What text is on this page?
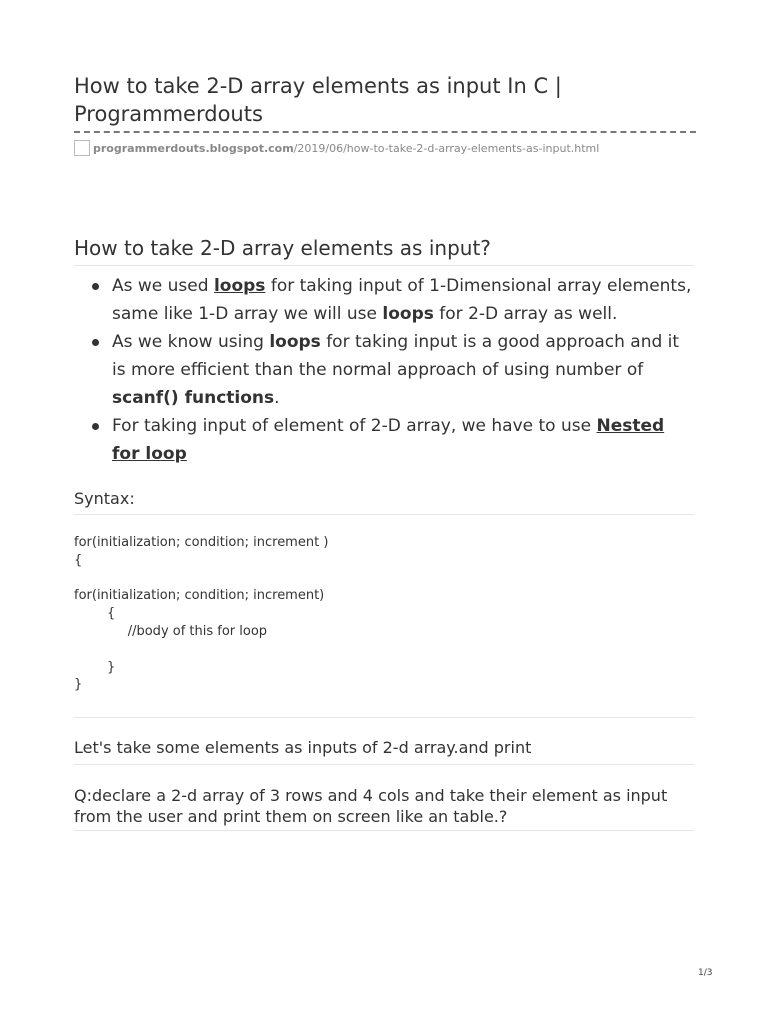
How to take 2-D array elements as input In C | Programmerdouts
programmerdouts.blogspot.com /2019/06/how-to-take-2-d-array-elements-as-input.html
How to take 2-D array elements as input?
As we used loops for taking input of 1-Dimensional array elements, same like 1-D array we will use loops for 2-D array as well.
As we know using loops for taking input is a good approach and it is more efficient than the normal approach of using number of scanf() functions.
For taking input of element of 2-D array, we have to use Nested for loop
Syntax:
for(initialization; condition; increment )
{

for(initialization; condition; increment)
{
//body of this for loop

}
}

Let's take some elements as inputs of 2-d array.and print

Q:declare a 2-d array of 3 rows and 4 cols and take their element as input from the user and print them on screen like an table.?

1/3
